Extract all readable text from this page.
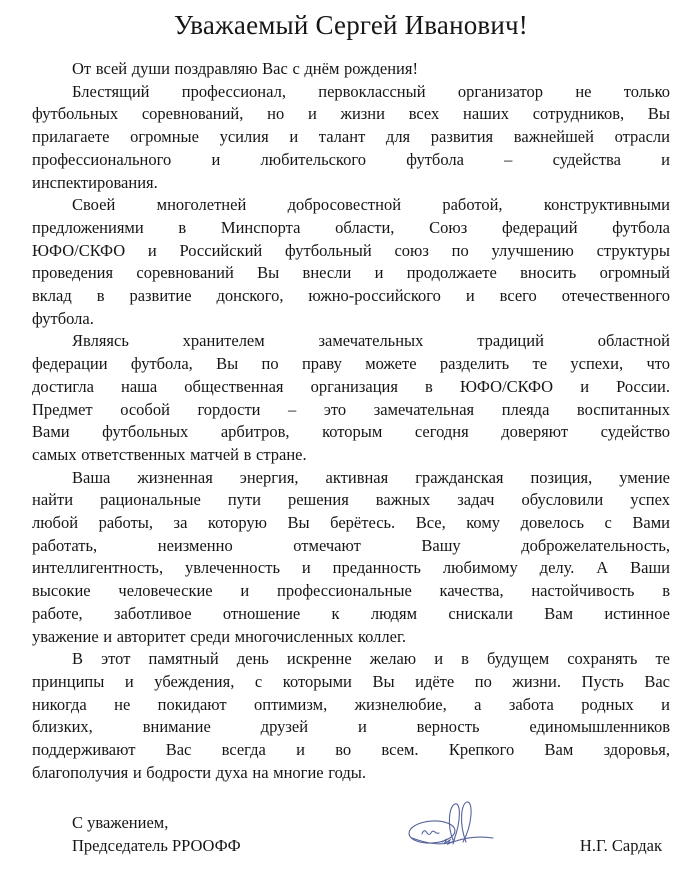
Уважаемый Сергей Иванович!
От всей души поздравляю Вас с днём рождения!
Блестящий профессионал, первоклассный организатор не только
футбольных соревнований, но и жизни всех наших сотрудников, Вы
прилагаете огромные усилия и талант для развития важнейшей отрасли
профессионального и любительского футбола – судейства и
инспектирования.
Своей многолетней добросовестной работой, конструктивными
предложениями в Минспорта области, Союз федераций футбола
ЮФО/СКФО и Российский футбольный союз по улучшению структуры
проведения соревнований Вы внесли и продолжаете вносить огромный
вклад в развитие донского, южно-российского и всего отечественного
футбола.
Являясь хранителем замечательных традиций областной
федерации футбола, Вы по праву можете разделить те успехи, что
достигла наша общественная организация в ЮФО/СКФО и России.
Предмет особой гордости – это замечательная плеяда воспитанных
Вами футбольных арбитров, которым сегодня доверяют судейство
самых ответственных матчей в стране.
Ваша жизненная энергия, активная гражданская позиция, умение
найти рациональные пути решения важных задач обусловили успех
любой работы, за которую Вы берётесь. Все, кому довелось с Вами
работать, неизменно отмечают Вашу доброжелательность,
интеллигентность, увлеченность и преданность любимому делу. А Ваши
высокие человеческие и профессиональные качества, настойчивость в
работе, заботливое отношение к людям снискали Вам истинное
уважение и авторитет среди многочисленных коллег.
В этот памятный день искренне желаю и в будущем сохранять те
принципы и убеждения, с которыми Вы идёте по жизни. Пусть Вас
никогда не покидают оптимизм, жизнелюбие, а забота родных и
близких, внимание друзей и верность единомышленников
поддерживают Вас всегда и во всем. Крепкого Вам здоровья,
благополучия и бодрости духа на многие годы.
С уважением,
Председатель РРООФФ	Н.Г. Сардак
